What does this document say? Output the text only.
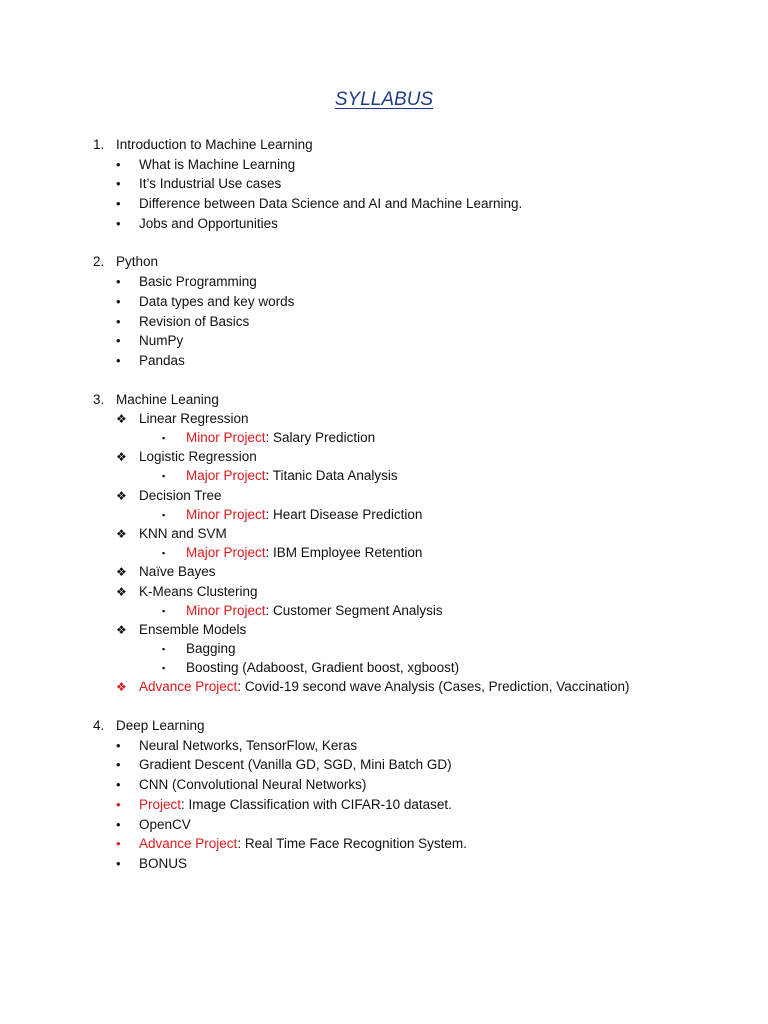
SYLLABUS
1. Introduction to Machine Learning
• What is Machine Learning
• It’s Industrial Use cases
• Difference between Data Science and AI and Machine Learning.
• Jobs and Opportunities
2. Python
• Basic Programming
• Data types and key words
• Revision of Basics
• NumPy
• Pandas
3. Machine Leaning
❖ Linear Regression
▪ Minor Project: Salary Prediction
❖ Logistic Regression
▪ Major Project: Titanic Data Analysis
❖ Decision Tree
▪ Minor Project: Heart Disease Prediction
❖ KNN and SVM
▪ Major Project: IBM Employee Retention
❖ Naïve Bayes
❖ K-Means Clustering
▪ Minor Project: Customer Segment Analysis
❖ Ensemble Models
▪ Bagging
▪ Boosting (Adaboost, Gradient boost, xgboost)
❖ Advance Project: Covid-19 second wave Analysis (Cases, Prediction, Vaccination)
4. Deep Learning
• Neural Networks, TensorFlow, Keras
• Gradient Descent (Vanilla GD, SGD, Mini Batch GD)
• CNN (Convolutional Neural Networks)
• Project: Image Classification with CIFAR-10 dataset.
• OpenCV
• Advance Project: Real Time Face Recognition System.
• BONUS
